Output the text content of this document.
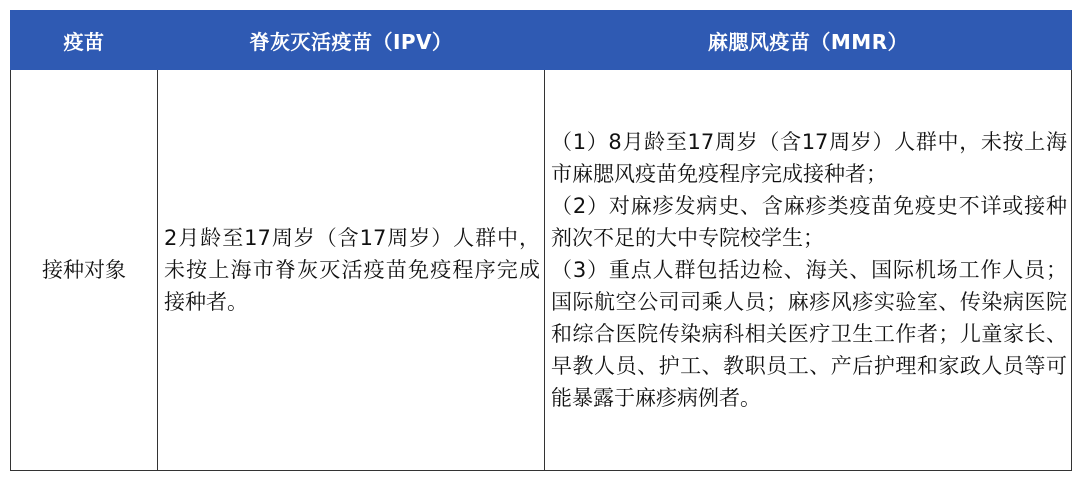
疫苗	脊灰灭活疫苗（IPV）	麻腮风疫苗（MMR）
接种对象	2月龄至17周岁（含17周岁）人群中，未按上海市脊灰灭活疫苗免疫程序完成接种者。	（1）8月龄至17周岁（含17周岁）人群中，未按上海市麻腮风疫苗免疫程序完成接种者；
（2）对麻疹发病史、含麻疹类疫苗免疫史不详或接种剂次不足的大中专院校学生；
（3）重点人群包括边检、海关、国际机场工作人员；国际航空公司司乘人员；麻疹风疹实验室、传染病医院和综合医院传染病科相关医疗卫生工作者；儿童家长、早教人员、护工、教职员工、产后护理和家政人员等可能暴露于麻疹病例者。
